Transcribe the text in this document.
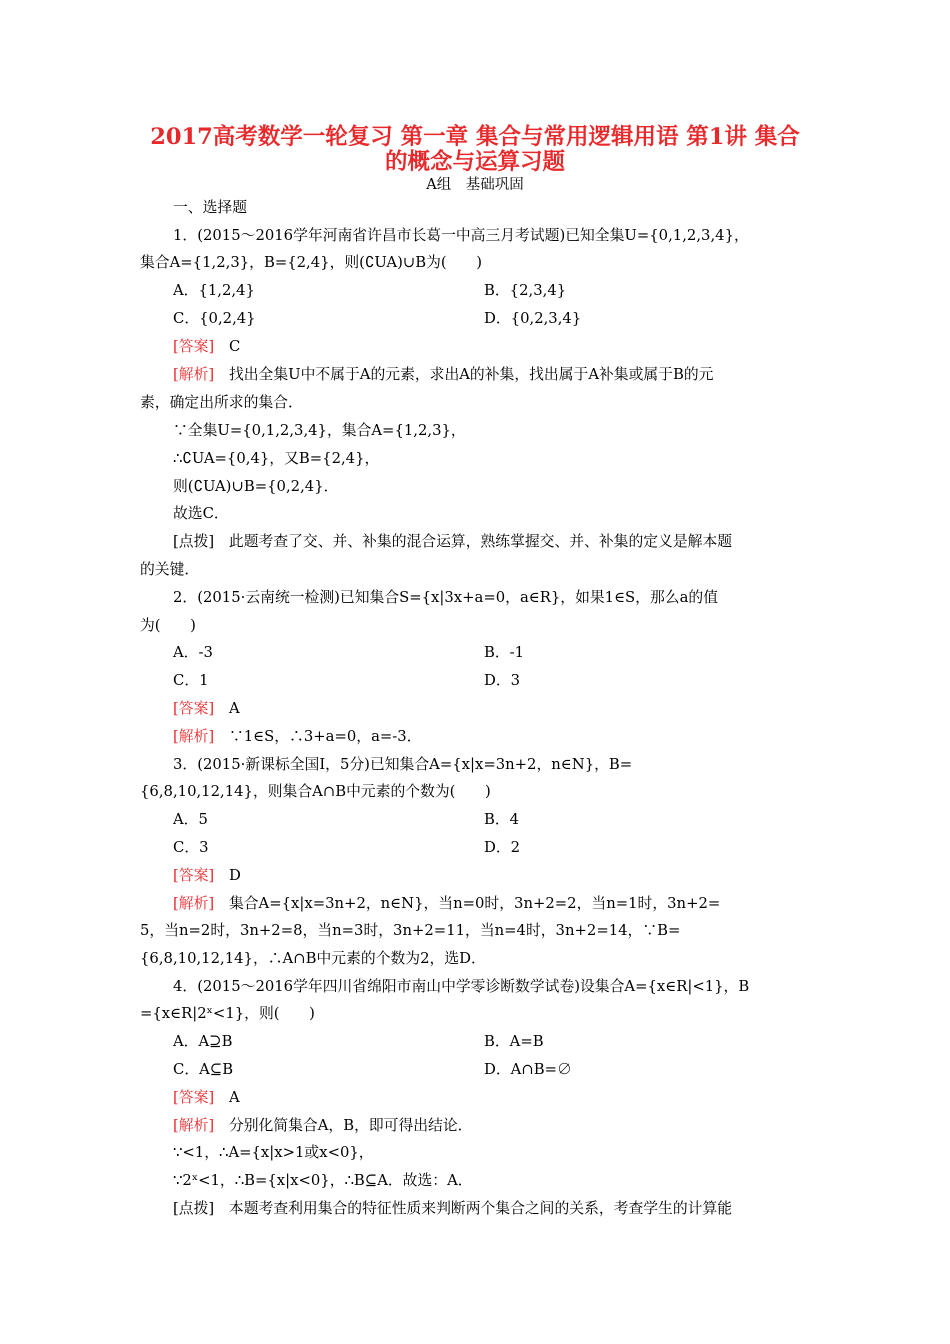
2017高考数学一轮复习 第一章 集合与常用逻辑用语 第1讲 集合
的概念与运算习题
A组　基础巩固
一、选择题
1．(2015～2016学年河南省许昌市长葛一中高三月考试题)已知全集U={0,1,2,3,4}，
集合A={1,2,3}，B={2,4}，则(∁UA)∪B为(　　)
A．{1,2,4}	B．{2,3,4}
C．{0,2,4}	D．{0,2,3,4}
[答案]　C
[解析]　找出全集U中不属于A的元素，求出A的补集，找出属于A补集或属于B的元
素，确定出所求的集合．
∵全集U={0,1,2,3,4}，集合A={1,2,3}，
∴∁UA={0,4}，又B={2,4}，
则(∁UA)∪B={0,2,4}．
故选C．
[点拨]　此题考查了交、并、补集的混合运算，熟练掌握交、并、补集的定义是解本题
的关键．
2．(2015·云南统一检测)已知集合S={x|3x+a=0，a∈R}，如果1∈S，那么a的值
为(　　)
A．-3	B．-1
C．1	D．3
[答案]　A
[解析]　∵1∈S，∴3+a=0，a=-3．
3．(2015·新课标全国Ⅰ，5分)已知集合A={x|x=3n+2，n∈N}，B=
{6,8,10,12,14}，则集合A∩B中元素的个数为(　　)
A．5	B．4
C．3	D．2
[答案]　D
[解析]　集合A={x|x=3n+2，n∈N}，当n=0时，3n+2=2，当n=1时，3n+2=
5，当n=2时，3n+2=8，当n=3时，3n+2=11，当n=4时，3n+2=14，∵B=
{6,8,10,12,14}，∴A∩B中元素的个数为2，选D．
4．(2015～2016学年四川省绵阳市南山中学零诊断数学试卷)设集合A={x∈R|<1}，B
={x∈R|2ˣ<1}，则(　　)
A．A⊇B	B．A=B
C．A⊆B	D．A∩B=∅
[答案]　A
[解析]　分别化简集合A，B，即可得出结论．
∵<1，∴A={x|x>1或x<0}，
∵2ˣ<1，∴B={x|x<0}，∴B⊆A．故选：A．
[点拨]　本题考查利用集合的特征性质来判断两个集合之间的关系，考查学生的计算能
